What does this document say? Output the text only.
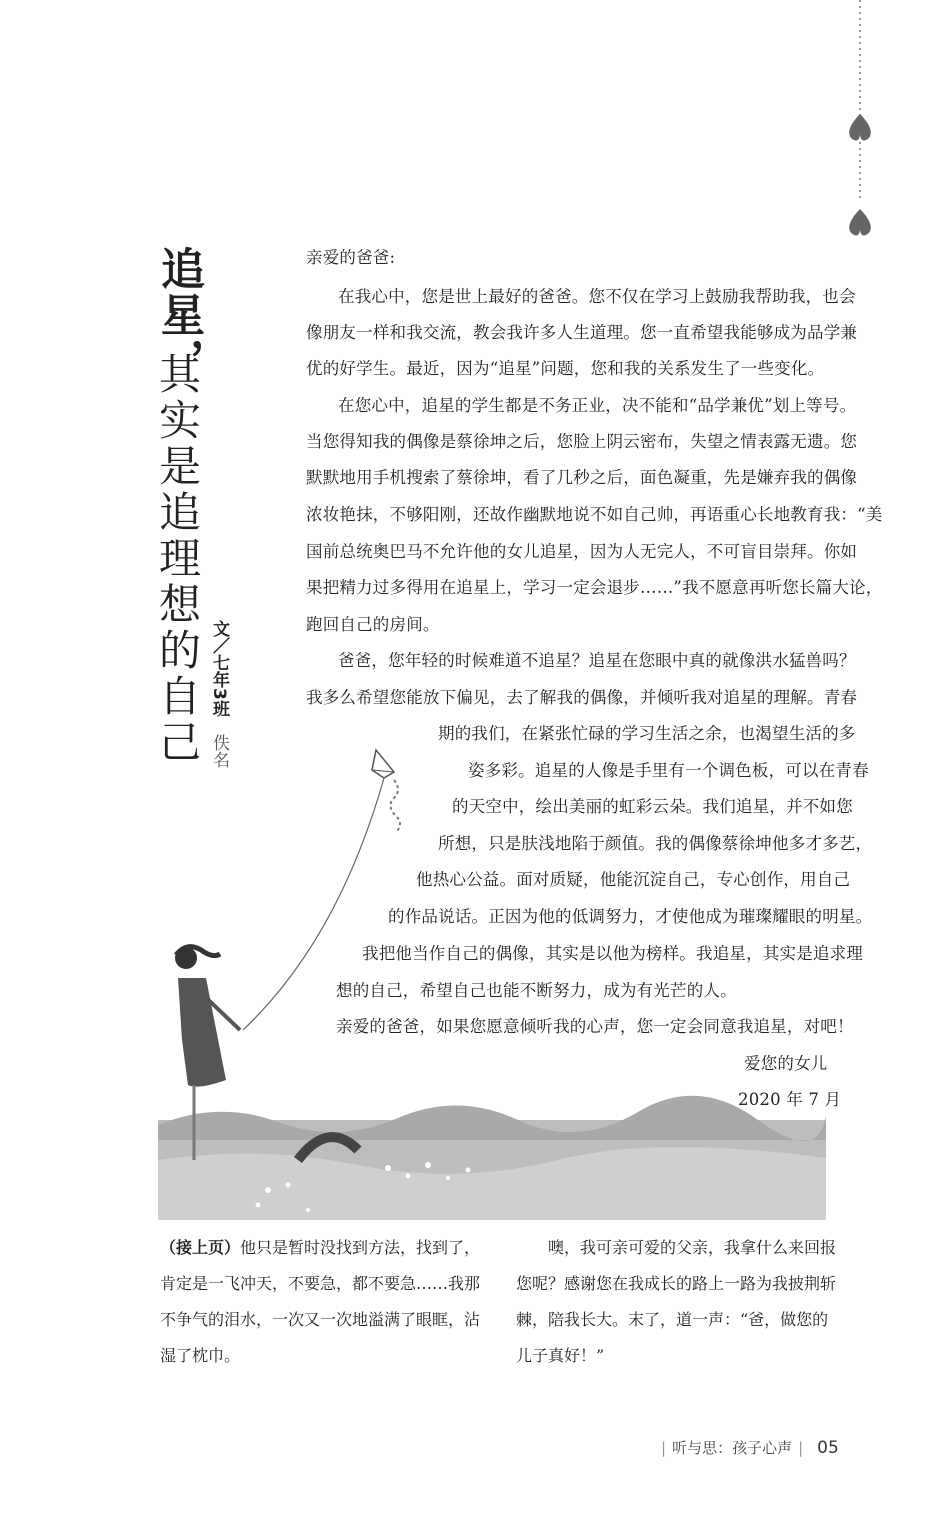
追星，
其实是追理想的自己 文／七年3班 佚名
亲爱的爸爸:
在我心中，您是世上最好的爸爸。您不仅在学习上鼓励我帮助我，也会
像朋友一样和我交流，教会我许多人生道理。您一直希望我能够成为品学兼
优的好学生。最近，因为“追星”问题，您和我的关系发生了一些变化。
在您心中，追星的学生都是不务正业，决不能和“品学兼优”划上等号。
当您得知我的偶像是蔡徐坤之后，您脸上阴云密布，失望之情表露无遗。您
默默地用手机搜索了蔡徐坤，看了几秒之后，面色凝重，先是嫌弃我的偶像
浓妆艳抹，不够阳刚，还故作幽默地说不如自己帅，再语重心长地教育我：“美
国前总统奥巴马不允许他的女儿追星，因为人无完人，不可盲目崇拜。你如
果把精力过多得用在追星上，学习一定会退步……”我不愿意再听您长篇大论，
跑回自己的房间。
爸爸，您年轻的时候难道不追星？追星在您眼中真的就像洪水猛兽吗？
我多么希望您能放下偏见，去了解我的偶像，并倾听我对追星的理解。青春
期的我们，在紧张忙碌的学习生活之余，也渴望生活的多
姿多彩。追星的人像是手里有一个调色板，可以在青春
的天空中，绘出美丽的虹彩云朵。我们追星，并不如您
所想，只是肤浅地陷于颜值。我的偶像蔡徐坤他多才多艺，
他热心公益。面对质疑，他能沉淀自己，专心创作，用自己
的作品说话。正因为他的低调努力，才使他成为璀璨耀眼的明星。
我把他当作自己的偶像，其实是以他为榜样。我追星，其实是追求理
想的自己，希望自己也能不断努力，成为有光芒的人。
亲爱的爸爸，如果您愿意倾听我的心声，您一定会同意我追星，对吧！
爱您的女儿
2020 年 7 月
（接上页）他只是暂时没找到方法，找到了，
肯定是一飞冲天，不要急，都不要急……我那
不争气的泪水，一次又一次地溢满了眼眶，沾
湿了枕巾。
噢，我可亲可爱的父亲，我拿什么来回报
您呢？感谢您在我成长的路上一路为我披荆斩
棘，陪我长大。末了，道一声：“爸，做您的
儿子真好！”
| 听与思：孩子心声 | 05
